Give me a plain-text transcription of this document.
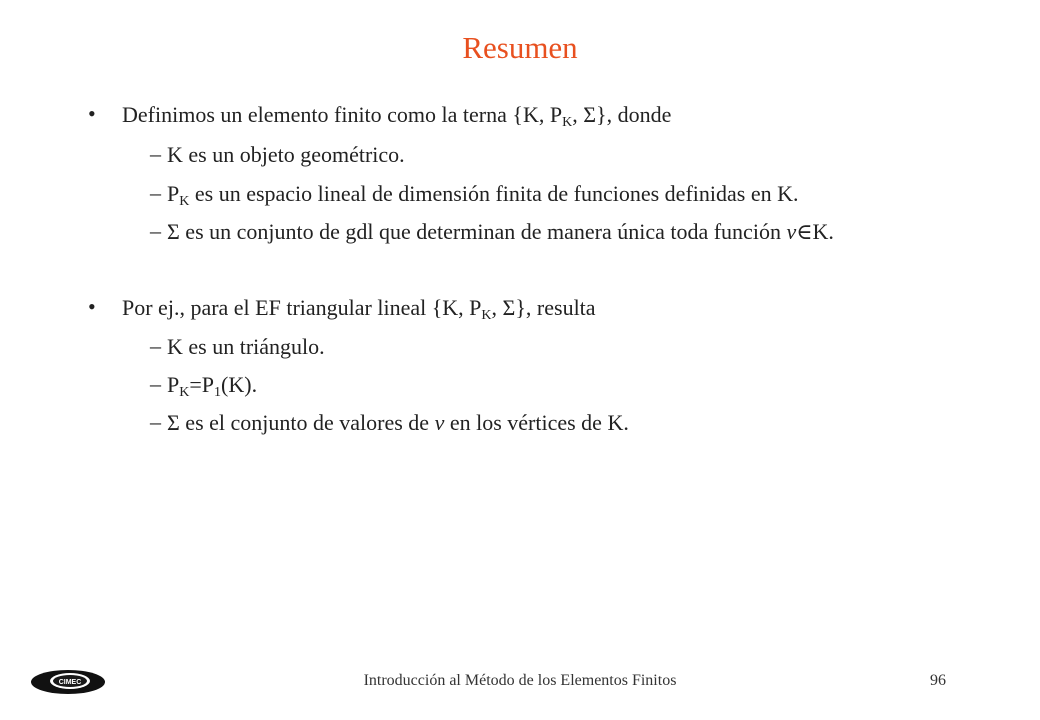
Resumen
• Definimos un elemento finito como la terna {K, $P_K$, Σ}, donde
– K es un objeto geométrico.
– $P_K$ es un espacio lineal de dimensión finita de funciones definidas en K.
– Σ es un conjunto de gdl que determinan de manera única toda función v∈K.
• Por ej., para el EF triangular lineal {K, $P_K$, Σ}, resulta
– K es un triángulo.
– $P_K=P_1(K)$.
– Σ es el conjunto de valores de v en los vértices de K.
CIMEC	Introducción al Método de los Elementos Finitos	96
